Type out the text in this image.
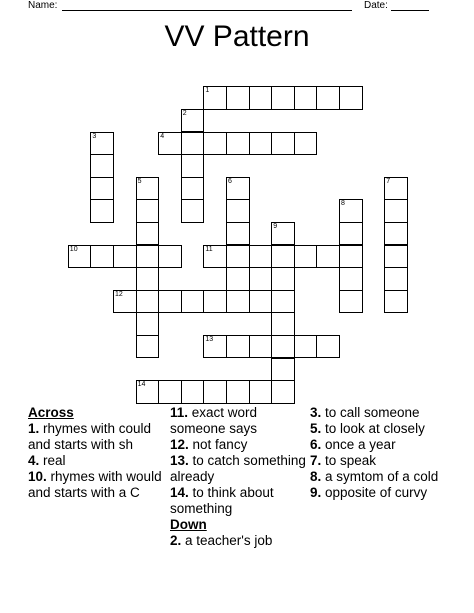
Name:	Date:
VV Pattern
1
2
3	4
5	6	7
8
9
10	11
12
13
14
Across
1. rhymes with could and starts with sh
4. real
10. rhymes with would and starts with a C
11. exact word someone says
12. not fancy
13. to catch something already
14. to think about something
Down
2. a teacher's job
3. to call someone
5. to look at closely
6. once a year
7. to speak
8. a symtom of a cold
9. opposite of curvy
